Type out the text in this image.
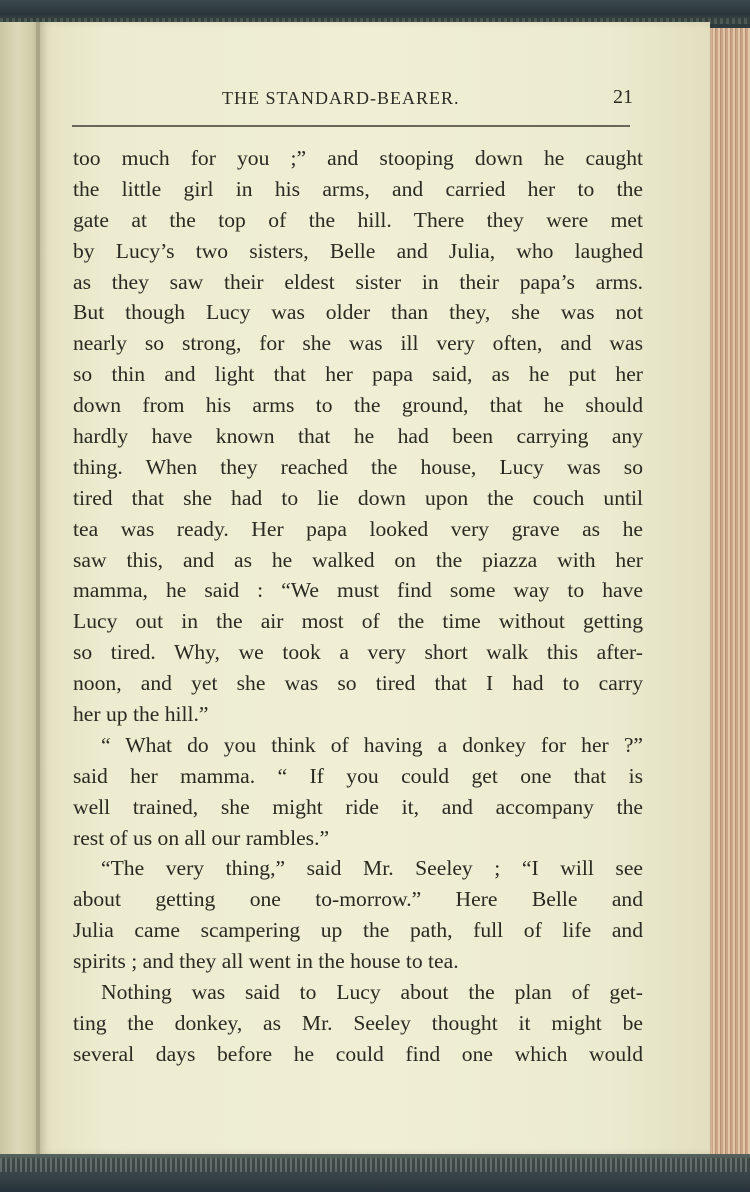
THE STANDARD-BEARER.	21
too much for you ;” and stooping down he caught
the little girl in his arms, and carried her to the
gate at the top of the hill. There they were met
by Lucy’s two sisters, Belle and Julia, who laughed
as they saw their eldest sister in their papa’s arms.
But though Lucy was older than they, she was not
nearly so strong, for she was ill very often, and was
so thin and light that her papa said, as he put her
down from his arms to the ground, that he should
hardly have known that he had been carrying any
thing. When they reached the house, Lucy was so
tired that she had to lie down upon the couch until
tea was ready. Her papa looked very grave as he
saw this, and as he walked on the piazza with her
mamma, he said : “We must find some way to have
Lucy out in the air most of the time without getting
so tired. Why, we took a very short walk this after-
noon, and yet she was so tired that I had to carry
her up the hill.”
“ What do you think of having a donkey for her ?”
said her mamma. “ If you could get one that is
well trained, she might ride it, and accompany the
rest of us on all our rambles.”
“The very thing,” said Mr. Seeley ; “I will see
about getting one to-morrow.” Here Belle and
Julia came scampering up the path, full of life and
spirits ; and they all went in the house to tea.
Nothing was said to Lucy about the plan of get-
ting the donkey, as Mr. Seeley thought it might be
several days before he could find one which would
